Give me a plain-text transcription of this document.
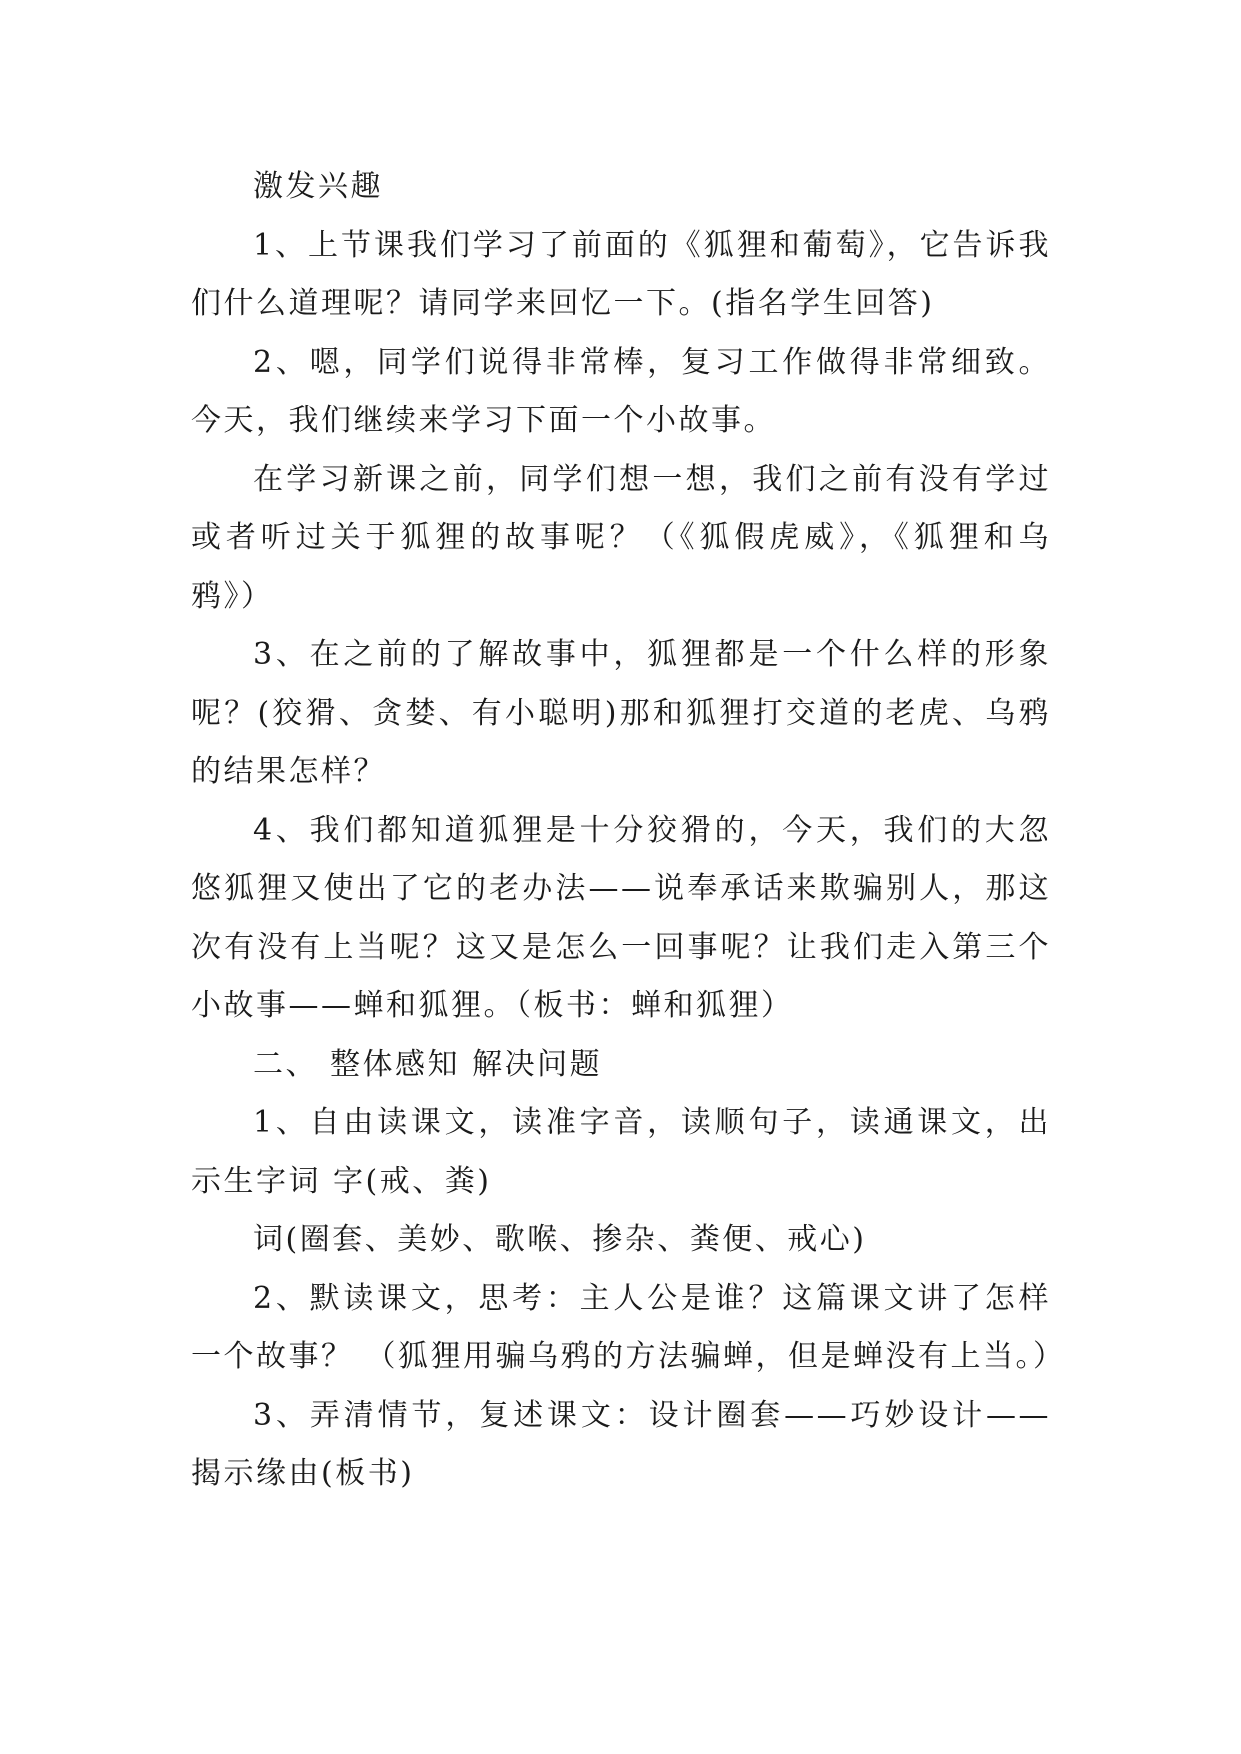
激发兴趣

1、上节课我们学习了前面的《狐狸和葡萄》，它告诉我们什么道理呢？请同学来回忆一下。(指名学生回答)

2、嗯，同学们说得非常棒，复习工作做得非常细致。今天，我们继续来学习下面一个小故事。

在学习新课之前，同学们想一想，我们之前有没有学过或者听过关于狐狸的故事呢？（《狐假虎威》，《狐狸和乌鸦》）

3、在之前的了解故事中，狐狸都是一个什么样的形象呢？(狡猾、贪婪、有小聪明)那和狐狸打交道的老虎、乌鸦的结果怎样？

4、我们都知道狐狸是十分狡猾的，今天，我们的大忽悠狐狸又使出了它的老办法——说奉承话来欺骗别人，那这次有没有上当呢？这又是怎么一回事呢？让我们走入第三个小故事——蝉和狐狸。（板书：蝉和狐狸）

二、 整体感知 解决问题

1、自由读课文，读准字音，读顺句子，读通课文，出示生字词 字(戒、粪)

词(圈套、美妙、歌喉、掺杂、粪便、戒心)

2、默读课文，思考：主人公是谁？这篇课文讲了怎样一个故事？ （狐狸用骗乌鸦的方法骗蝉，但是蝉没有上当。）

3、弄清情节，复述课文：设计圈套——巧妙设计——揭示缘由(板书)
